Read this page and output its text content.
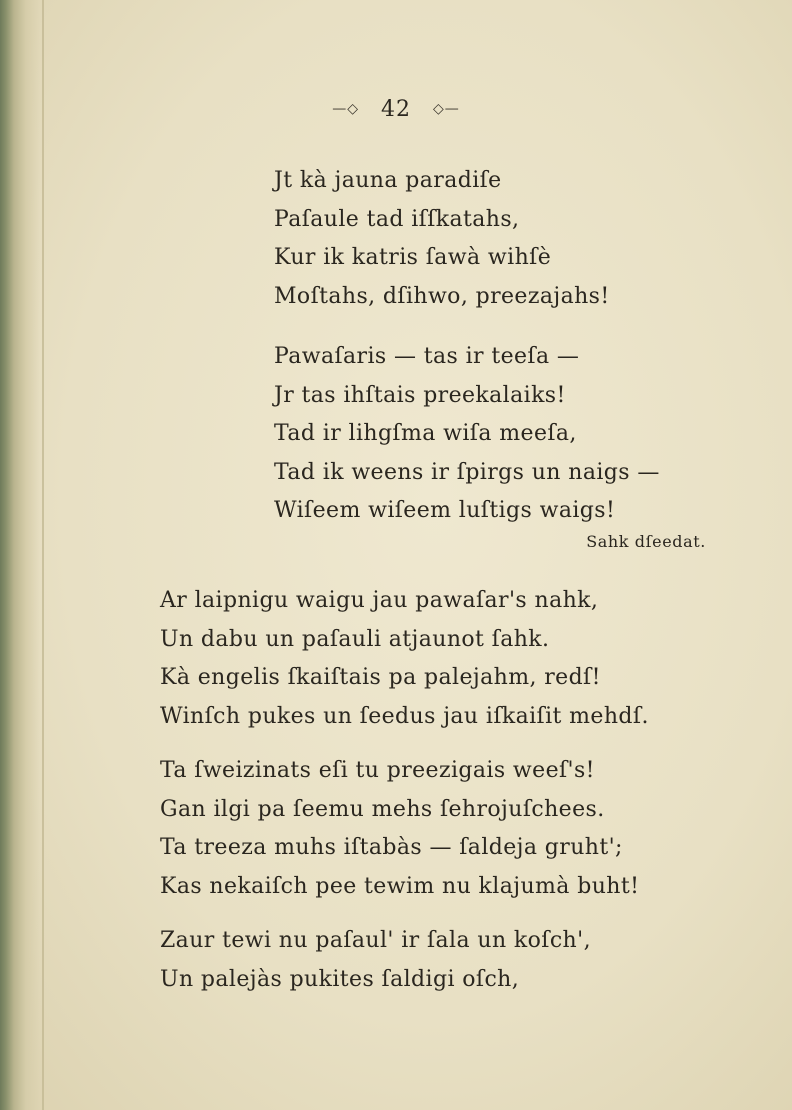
—◇ 42 ◇—
Jt kà jauna paradiſe
Paſaule tad iſſkatahs,
Kur ik katris ſawà wihſè
Moſtahs, dſihwo, preezajahs!
Pawaſaris — tas ir teeſa —
Jr tas ihſtais preekalaiks!
Tad ir lihgſma wiſa meeſa,
Tad ik weens ir ſpirgs un naigs —
Wiſeem wiſeem luſtigs waigs!
Sahk dſeedat.
Ar laipnigu waigu jau pawaſar's nahk,
Un dabu un paſauli atjaunot ſahk.
Kà engelis ſkaiſtais pa palejahm, redſ!
Winſch pukes un ſeedus jau iſkaiſit mehdſ.
Ta ſweizinats eſi tu preezigais weeſ's!
Gan ilgi pa ſeemu mehs ſehrojuſchees.
Ta treeza muhs iſtabàs — ſaldeja gruht';
Kas nekaiſch pee tewim nu klajumà buht!
Zaur tewi nu paſaul' ir ſala un koſch',
Un palejàs pukites ſaldigi oſch,
